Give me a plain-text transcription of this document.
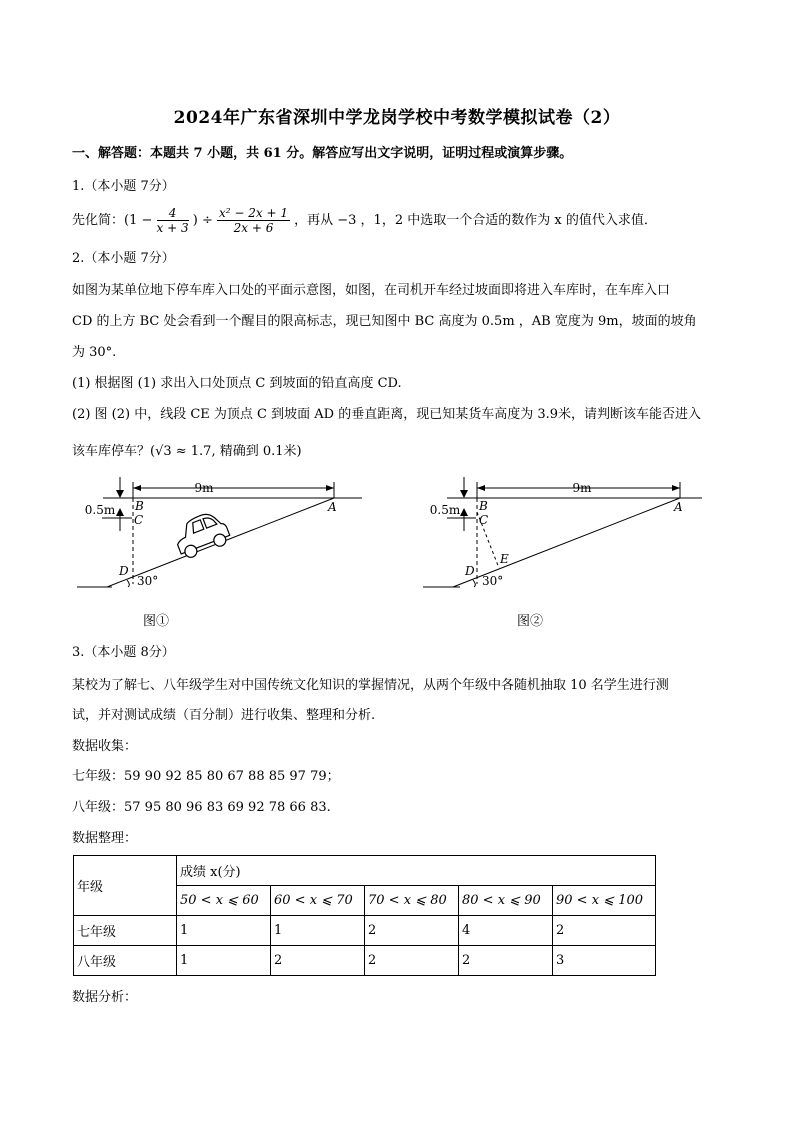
2024年广东省深圳中学龙岗学校中考数学模拟试卷（2）
一、解答题：本题共 7 小题，共 61 分。解答应写出文字说明，证明过程或演算步骤。
1.（本小题 7分）
先化简：($1 - \frac{4}{x + 3}$ ) ÷ $\frac{\text{x² − 2x + 1}}{2x + 6}$ ，再从 −3 ，1，2 中选取一个合适的数作为 x 的值代入求值．
2.（本小题 7分）
如图为某单位地下停车库入口处的平面示意图，如图，在司机开车经过坡面即将进入车库时，在车库入口
CD 的上方 BC 处会看到一个醒目的限高标志，现已知图中 BC 高度为 0.5m ，AB 宽度为 9m，坡面的坡角
为 30°.
(1) 根据图 (1) 求出入口处顶点 C 到坡面的铅直高度 CD.
(2) 图 (2) 中，线段 CE 为顶点 C 到坡面 AD 的垂直距离，现已知某货车高度为 3.9米，请判断该车能否进入
该车库停车？(√3 ≈ 1.7, 精确到 0.1米)
9m
0.5m B
C
D
A
30°
图①
9m
0.5m B
C
D
E
A
30°
图②
3.（本小题 8分）
某校为了解七、八年级学生对中国传统文化知识的掌握情况，从两个年级中各随机抽取 10 名学生进行测
试，并对测试成绩（百分制）进行收集、整理和分析.
数据收集：
七年级：59 90 92 85 80 67 88 85 97 79；
八年级：57 95 80 96 83 69 92 78 66 83.
数据整理：
年级	成绩 x(分)				
	50 < x ⩽ 60	60 < x ⩽ 70	70 < x ⩽ 80	80 < x ⩽ 90	90 < x ⩽ 100
七年级	1	1	2	4	2
八年级	1	2	2	2	3
数据分析：
